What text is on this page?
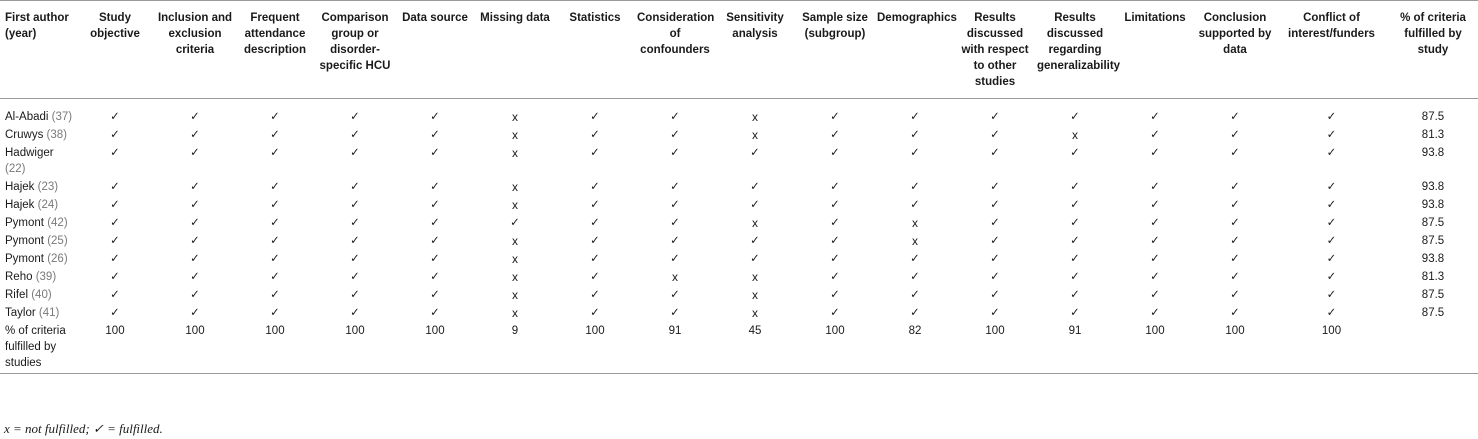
First author (year)	Study objective	Inclusion and exclusion criteria	Frequent attendance description	Comparison group or disorder-specific HCU	Data source	Missing data	Statistics	Consideration of confounders	Sensitivity analysis	Sample size (subgroup)	Demographics	Results discussed with respect to other studies	Results discussed regarding generalizability	Limitations	Conclusion supported by data	Conflict of interest/funders	% of criteria fulfilled by study
Al-Abadi (37)	✓	✓	✓	✓	✓	x	✓	✓	x	✓	✓	✓	✓	✓	✓	✓	87.5
Cruwys (38)	✓	✓	✓	✓	✓	x	✓	✓	x	✓	✓	✓	x	✓	✓	✓	81.3
Hadwiger (22)	✓	✓	✓	✓	✓	x	✓	✓	✓	✓	✓	✓	✓	✓	✓	✓	93.8
Hajek (23)	✓	✓	✓	✓	✓	x	✓	✓	✓	✓	✓	✓	✓	✓	✓	✓	93.8
Hajek (24)	✓	✓	✓	✓	✓	x	✓	✓	✓	✓	✓	✓	✓	✓	✓	✓	93.8
Pymont (42)	✓	✓	✓	✓	✓	✓	✓	✓	x	✓	x	✓	✓	✓	✓	✓	87.5
Pymont (25)	✓	✓	✓	✓	✓	x	✓	✓	✓	✓	x	✓	✓	✓	✓	✓	87.5
Pymont (26)	✓	✓	✓	✓	✓	x	✓	✓	✓	✓	✓	✓	✓	✓	✓	✓	93.8
Reho (39)	✓	✓	✓	✓	✓	x	✓	x	x	✓	✓	✓	✓	✓	✓	✓	81.3
Rifel (40)	✓	✓	✓	✓	✓	x	✓	✓	x	✓	✓	✓	✓	✓	✓	✓	87.5
Taylor (41)	✓	✓	✓	✓	✓	x	✓	✓	x	✓	✓	✓	✓	✓	✓	✓	87.5
% of criteria fulfilled by studies	100	100	100	100	100	9	100	91	45	100	82	100	91	100	100	100	
x = not fulfilled; ✓ = fulfilled.
